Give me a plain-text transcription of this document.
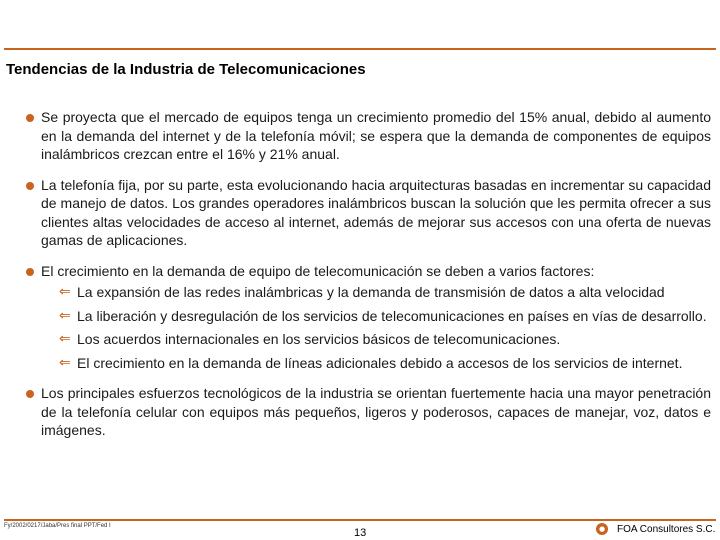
Tendencias de la Industria de Telecomunicaciones
Se proyecta que el mercado de equipos tenga un crecimiento promedio del 15% anual, debido al aumento en la demanda del internet y de la telefonía móvil; se espera que la demanda de componentes de equipos inalámbricos crezcan entre el 16% y 21% anual.
La telefonía fija, por su parte, esta evolucionando hacia arquitecturas basadas en incrementar su capacidad de manejo de datos. Los grandes operadores inalámbricos buscan la solución que les permita ofrecer a sus clientes altas velocidades de acceso al internet, además de mejorar sus accesos con una oferta de nuevas gamas de aplicaciones.
El crecimiento en la demanda de equipo de telecomunicación se deben a varios factores:
⇐ La expansión de las redes inalámbricas y la demanda de transmisión de datos a alta velocidad
⇐ La liberación y desregulación de los servicios de telecomunicaciones en países en vías de desarrollo.
⇐ Los acuerdos internacionales en los servicios básicos de telecomunicaciones.
⇐ El crecimiento en la demanda de líneas adicionales debido a accesos de los servicios de internet.
Los principales esfuerzos tecnológicos de la industria se orientan fuertemente hacia una mayor penetración de la telefonía celular con equipos más pequeños, ligeros y poderosos, capaces de manejar, voz, datos e imágenes.
Fy/2002/0217/Jaba/Pres final PPT/Fed I
13	● FOA Consultores S.C.
